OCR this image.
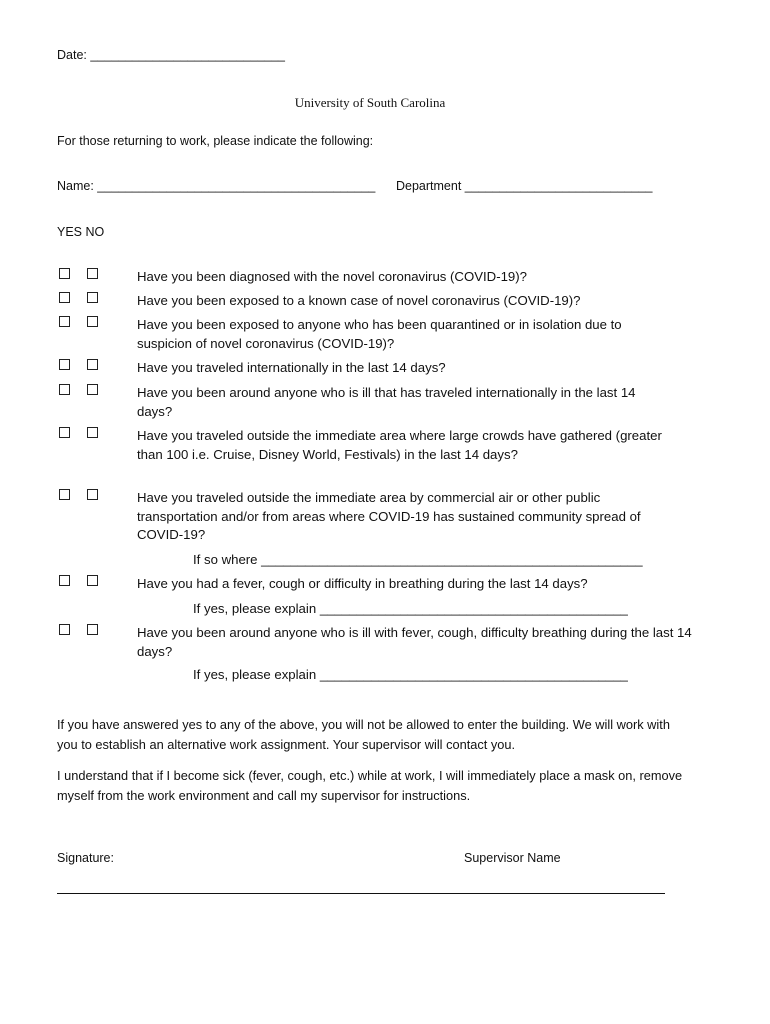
Date: ____________________________
University of South Carolina
For those returning to work, please indicate the following:
Name: ________________________________________ Department ___________________________
YES NO
Have you been diagnosed with the novel coronavirus (COVID-19)?
Have you been exposed to a known case of novel coronavirus (COVID-19)?
Have you been exposed to anyone who has been quarantined or in isolation due to suspicion of novel coronavirus (COVID-19)?
Have you traveled internationally in the last 14 days?
Have you been around anyone who is ill that has traveled internationally in the last 14 days?
Have you traveled outside the immediate area where large crowds have gathered (greater than 100 i.e. Cruise, Disney World, Festivals) in the last 14 days?
Have you traveled outside the immediate area by commercial air or other public transportation and/or from areas where COVID-19 has sustained community spread of COVID-19?
If so where ____________________________________________________
Have you had a fever, cough or difficulty in breathing during the last 14 days?
If yes, please explain __________________________________________
Have you been around anyone who is ill with fever, cough, difficulty breathing during the last 14 days?
If yes, please explain __________________________________________
If you have answered yes to any of the above, you will not be allowed to enter the building. We will work with you to establish an alternative work assignment. Your supervisor will contact you.
I understand that if I become sick (fever, cough, etc.) while at work, I will immediately place a mask on, remove myself from the work environment and call my supervisor for instructions.
Signature:	Supervisor Name
